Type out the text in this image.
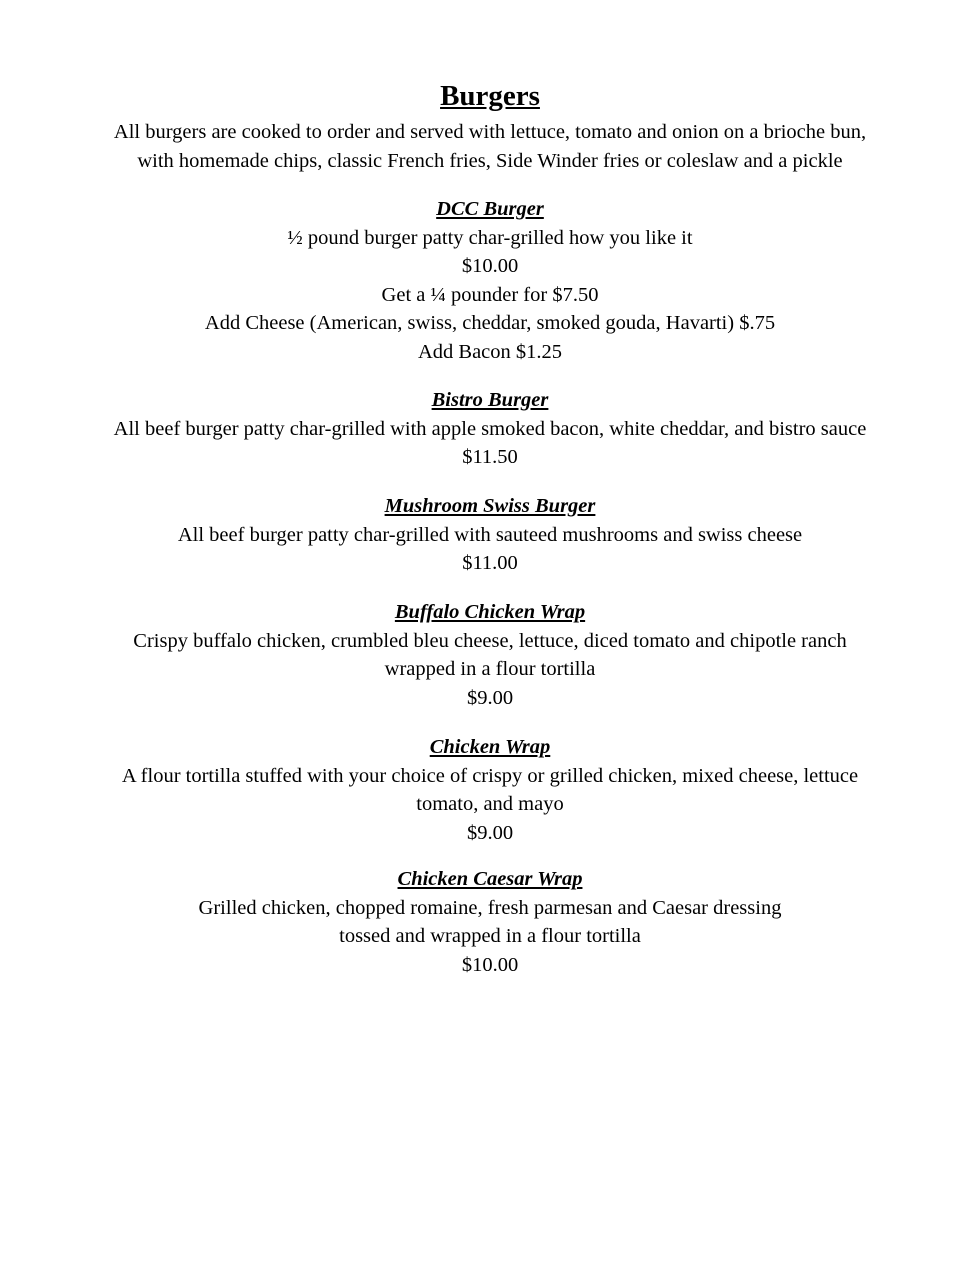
Burgers
All burgers are cooked to order and served with lettuce, tomato and onion on a brioche bun,
with homemade chips, classic French fries, Side Winder fries or coleslaw and a pickle
DCC Burger
½ pound burger patty char-grilled how you like it
$10.00
Get a ¼ pounder for $7.50
Add Cheese (American, swiss, cheddar, smoked gouda, Havarti) $.75
Add Bacon $1.25
Bistro Burger
All beef burger patty char-grilled with apple smoked bacon, white cheddar, and bistro sauce
$11.50
Mushroom Swiss Burger
All beef burger patty char-grilled with sauteed mushrooms and swiss cheese
$11.00
Buffalo Chicken Wrap
Crispy buffalo chicken, crumbled bleu cheese, lettuce, diced tomato and chipotle ranch
wrapped in a flour tortilla
$9.00
Chicken Wrap
A flour tortilla stuffed with your choice of crispy or grilled chicken, mixed cheese, lettuce
tomato, and mayo
$9.00
Chicken Caesar Wrap
Grilled chicken, chopped romaine, fresh parmesan and Caesar dressing
tossed and wrapped in a flour tortilla
$10.00
